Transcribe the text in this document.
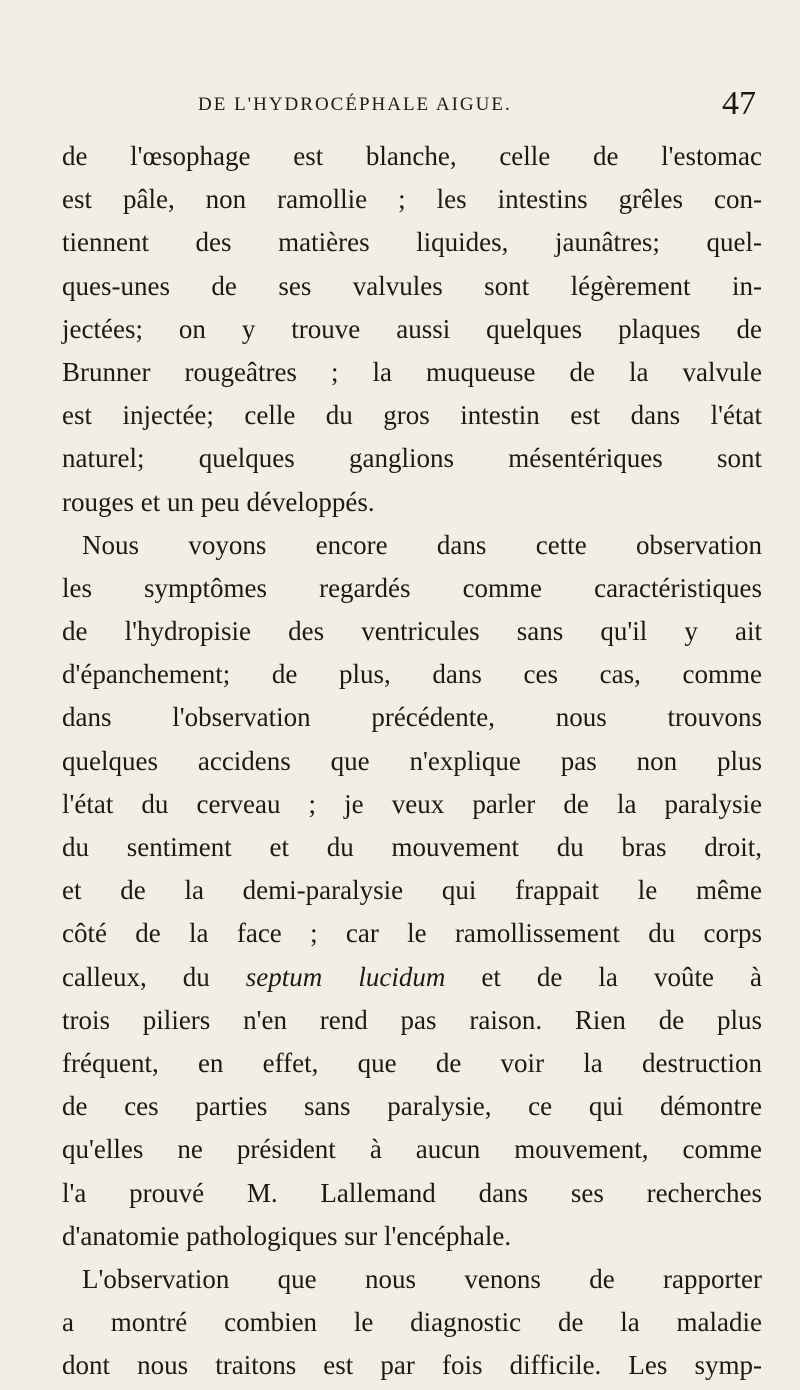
DE L'HYDROCÉPHALE AIGUE.	47
de l'œsophage est blanche, celle de l'estomac
est pâle, non ramollie ; les intestins grêles con-
tiennent des matières liquides, jaunâtres; quel-
ques-unes de ses valvules sont légèrement in-
jectées; on y trouve aussi quelques plaques de
Brunner rougeâtres ; la muqueuse de la valvule
est injectée; celle du gros intestin est dans l'état
naturel; quelques ganglions mésentériques sont
rouges et un peu développés.
Nous voyons encore dans cette observation
les symptômes regardés comme caractéristiques
de l'hydropisie des ventricules sans qu'il y ait
d'épanchement; de plus, dans ces cas, comme
dans l'observation précédente, nous trouvons
quelques accidens que n'explique pas non plus
l'état du cerveau ; je veux parler de la paralysie
du sentiment et du mouvement du bras droit,
et de la demi-paralysie qui frappait le même
côté de la face ; car le ramollissement du corps
calleux, du septum lucidum et de la voûte à
trois piliers n'en rend pas raison. Rien de plus
fréquent, en effet, que de voir la destruction
de ces parties sans paralysie, ce qui démontre
qu'elles ne président à aucun mouvement, comme
l'a prouvé M. Lallemand dans ses recherches
d'anatomie pathologiques sur l'encéphale.
L'observation que nous venons de rapporter
a montré combien le diagnostic de la maladie
dont nous traitons est par fois difficile. Les symp-
